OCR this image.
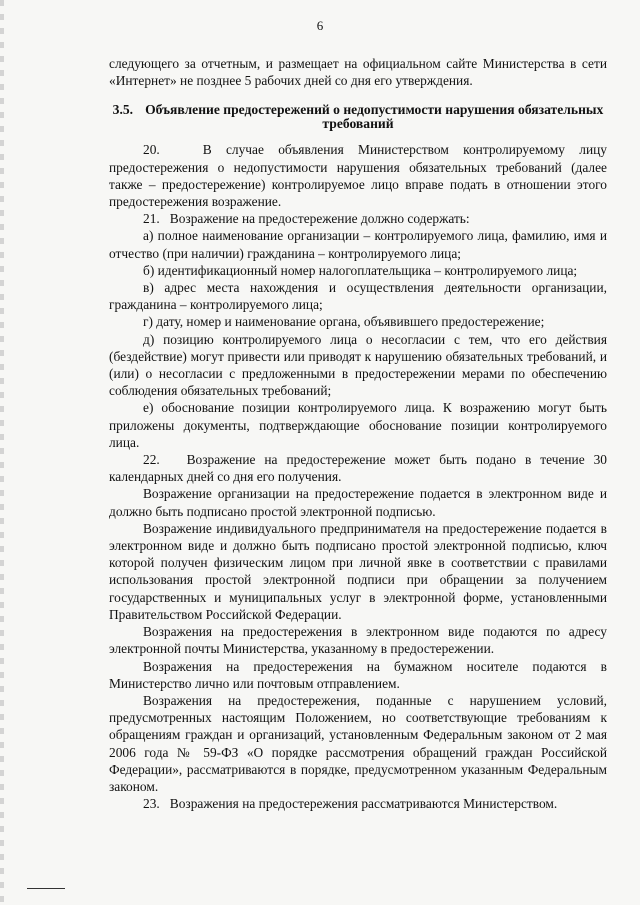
6

следующего за отчетным, и размещает на официальном сайте Министерства в сети «Интернет» не позднее 5 рабочих дней со дня его утверждения.

3.5. Объявление предостережений о недопустимости нарушения обязательных требований

20.   В случае объявления Министерством контролируемому лицу предостережения о недопустимости нарушения обязательных требований (далее также – предостережение) контролируемое лицо вправе подать в отношении этого предостережения возражение.

21.   Возражение на предостережение должно содержать:

а) полное наименование организации – контролируемого лица, фамилию, имя и отчество (при наличии) гражданина – контролируемого лица;

б) идентификационный номер налогоплательщика – контролируемого лица;

в) адрес места нахождения и осуществления деятельности организации, гражданина – контролируемого лица;

г) дату, номер и наименование органа, объявившего предостережение;

д) позицию контролируемого лица о несогласии с тем, что его действия (бездействие) могут привести или приводят к нарушению обязательных требований, и (или) о несогласии с предложенными в предостережении мерами по обеспечению соблюдения обязательных требований;

е) обоснование позиции контролируемого лица. К возражению могут быть приложены документы, подтверждающие обоснование позиции контролируемого лица.

22.   Возражение на предостережение может быть подано в течение 30 календарных дней со дня его получения.

Возражение организации на предостережение подается в электронном виде и должно быть подписано простой электронной подписью.

Возражение индивидуального предпринимателя на предостережение подается в электронном виде и должно быть подписано простой электронной подписью, ключ которой получен физическим лицом при личной явке в соответствии с правилами использования простой электронной подписи при обращении за получением государственных и муниципальных услуг в электронной форме, установленными Правительством Российской Федерации.

Возражения на предостережения в электронном виде подаются по адресу электронной почты Министерства, указанному в предостережении.

Возражения на предостережения на бумажном носителе подаются в Министерство лично или почтовым отправлением.

Возражения на предостережения, поданные с нарушением условий, предусмотренных настоящим Положением, но соответствующие требованиям к обращениям граждан и организаций, установленным Федеральным законом от 2 мая 2006 года № 59-ФЗ «О порядке рассмотрения обращений граждан Российской Федерации», рассматриваются в порядке, предусмотренном указанным Федеральным законом.

23.   Возражения на предостережения рассматриваются Министерством.
